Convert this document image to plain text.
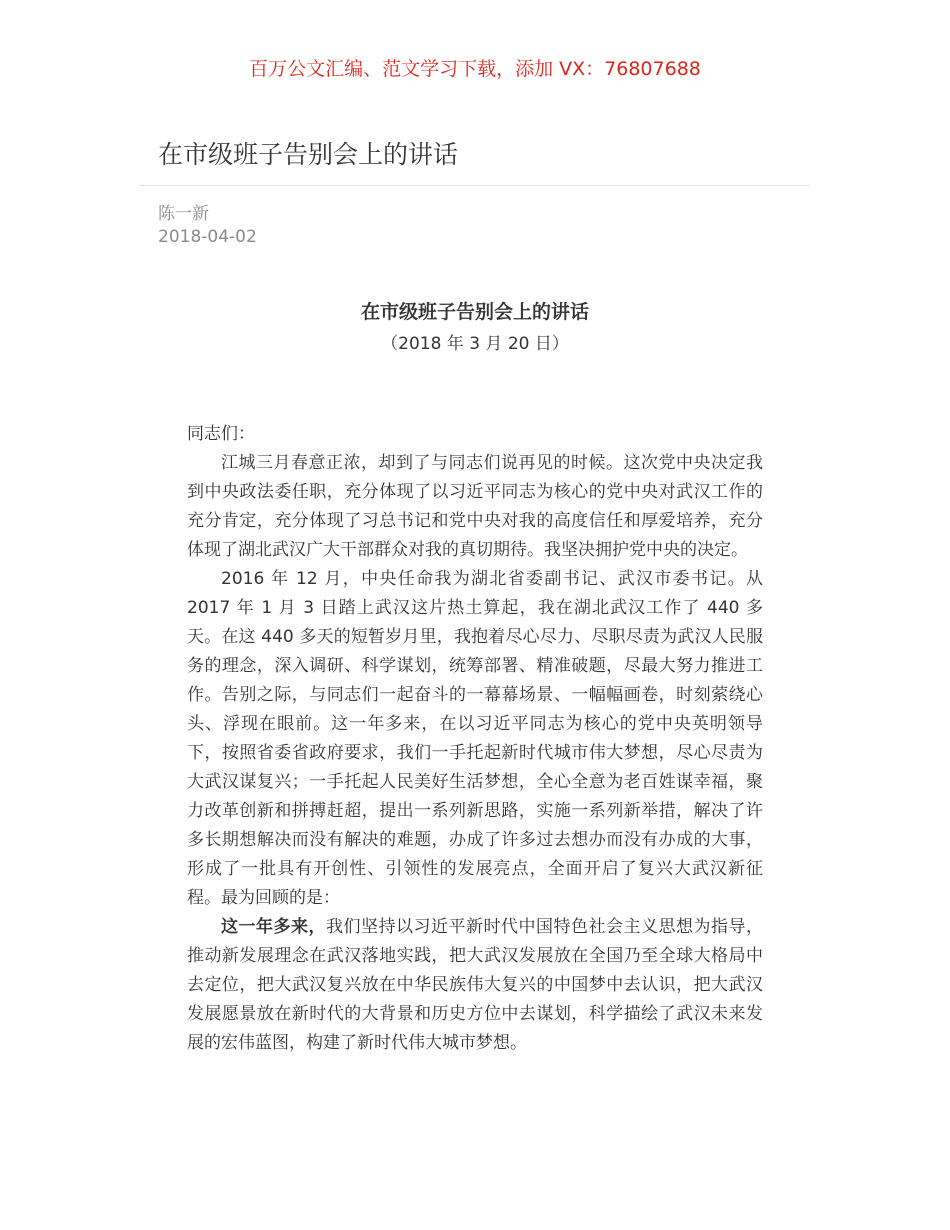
百万公文汇编、范文学习下载，添加 VX：76807688
在市级班子告别会上的讲话
陈一新
2018-04-02
在市级班子告别会上的讲话
（2018 年 3 月 20 日）

同志们：

江城三月春意正浓，却到了与同志们说再见的时候。这次党中央决定我到中央政法委任职，充分体现了以习近平同志为核心的党中央对武汉工作的充分肯定，充分体现了习总书记和党中央对我的高度信任和厚爱培养，充分体现了湖北武汉广大干部群众对我的真切期待。我坚决拥护党中央的决定。

2016 年 12 月，中央任命我为湖北省委副书记、武汉市委书记。从 2017 年 1 月 3 日踏上武汉这片热土算起，我在湖北武汉工作了 440 多天。在这 440 多天的短暂岁月里，我抱着尽心尽力、尽职尽责为武汉人民服务的理念，深入调研、科学谋划，统筹部署、精准破题，尽最大努力推进工作。告别之际，与同志们一起奋斗的一幕幕场景、一幅幅画卷，时刻萦绕心头、浮现在眼前。这一年多来，在以习近平同志为核心的党中央英明领导下，按照省委省政府要求，我们一手托起新时代城市伟大梦想，尽心尽责为大武汉谋复兴；一手托起人民美好生活梦想，全心全意为老百姓谋幸福，聚力改革创新和拼搏赶超，提出一系列新思路，实施一系列新举措，解决了许多长期想解决而没有解决的难题，办成了许多过去想办而没有办成的大事，形成了一批具有开创性、引领性的发展亮点，全面开启了复兴大武汉新征程。最为回顾的是：

这一年多来，我们坚持以习近平新时代中国特色社会主义思想为指导，推动新发展理念在武汉落地实践，把大武汉发展放在全国乃至全球大格局中去定位，把大武汉复兴放在中华民族伟大复兴的中国梦中去认识，把大武汉发展愿景放在新时代的大背景和历史方位中去谋划，科学描绘了武汉未来发展的宏伟蓝图，构建了新时代伟大城市梦想。
